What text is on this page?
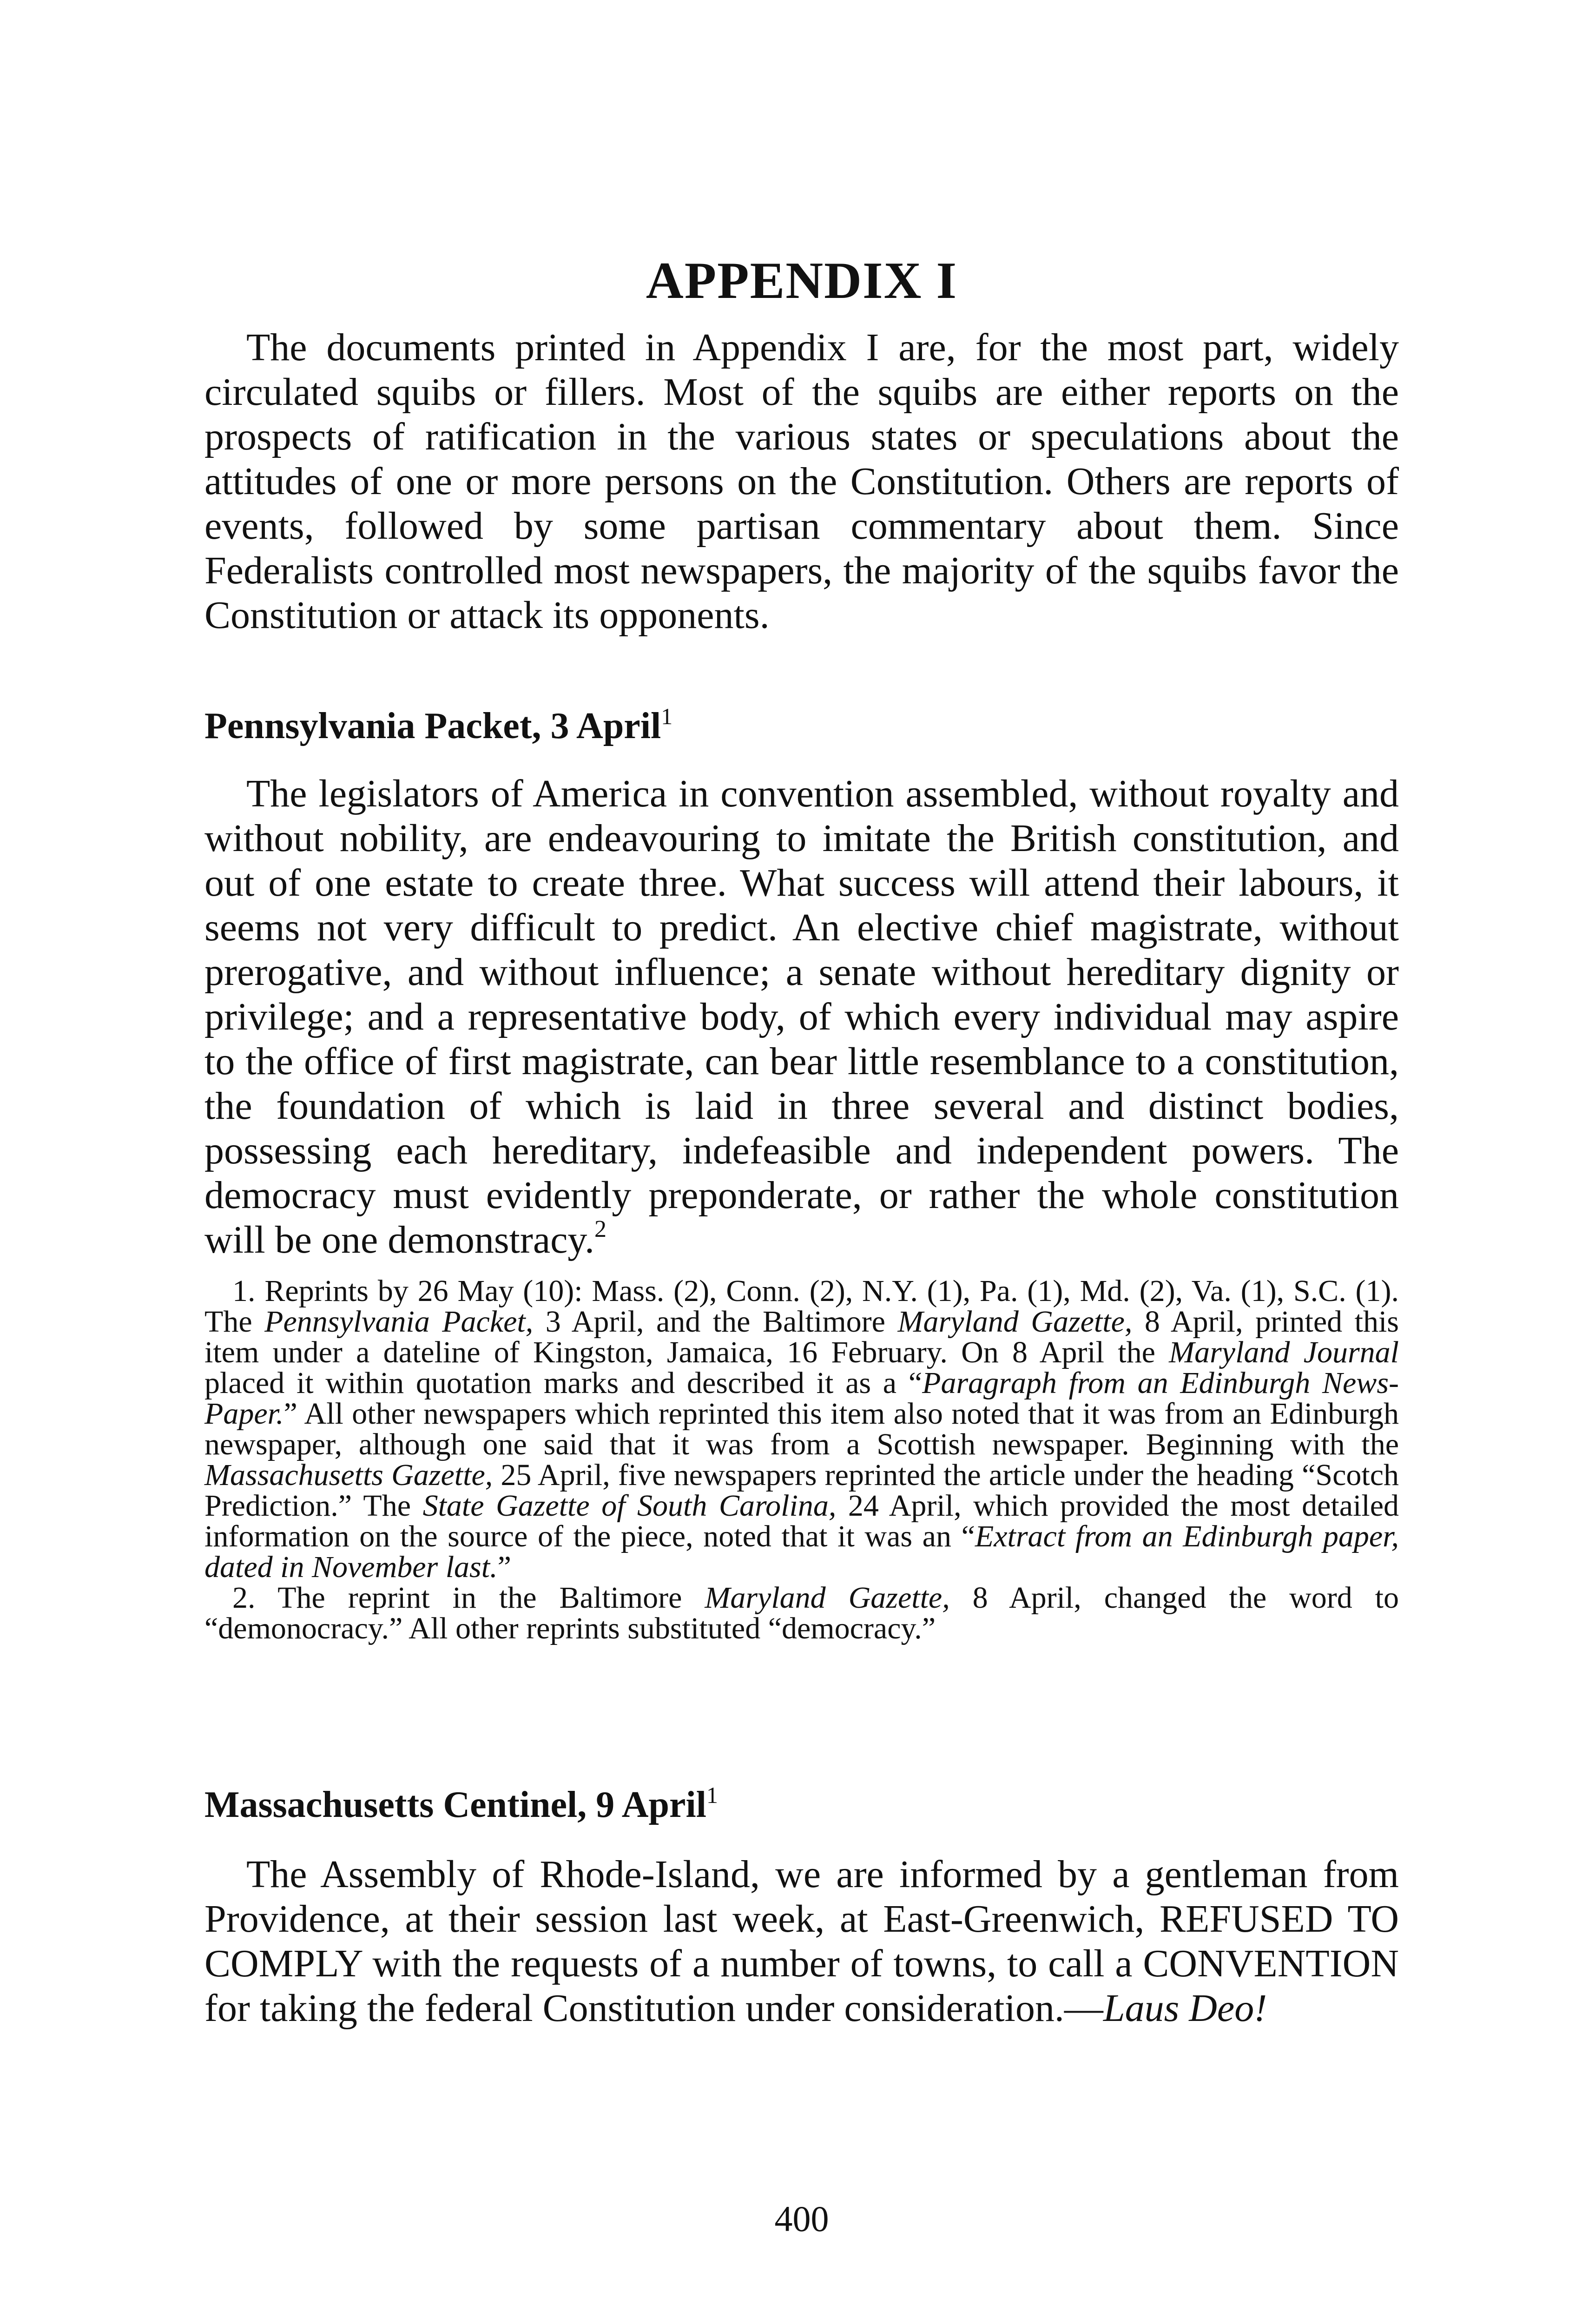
APPENDIX I

The documents printed in Appendix I are, for the most part, widely circulated squibs or fillers. Most of the squibs are either reports on the prospects of ratification in the various states or speculations about the attitudes of one or more persons on the Constitution. Others are reports of events, followed by some partisan commentary about them. Since Federalists controlled most newspapers, the majority of the squibs favor the Constitution or attack its opponents.

Pennsylvania Packet, 3 April$^1$

The legislators of America in convention assembled, without royalty and without nobility, are endeavouring to imitate the British constitution, and out of one estate to create three. What success will attend their labours, it seems not very difficult to predict. An elective chief magistrate, without prerogative, and without influence; a senate without hereditary dignity or privilege; and a representative body, of which every individual may aspire to the office of first magistrate, can bear little resemblance to a constitution, the foundation of which is laid in three several and distinct bodies, possessing each hereditary, indefeasible and independent powers. The democracy must evidently preponderate, or rather the whole constitution will be one demonstracy.$^2$

1. Reprints by 26 May (10): Mass. (2), Conn. (2), N.Y. (1), Pa. (1), Md. (2), Va. (1), S.C. (1). The Pennsylvania Packet, 3 April, and the Baltimore Maryland Gazette, 8 April, printed this item under a dateline of Kingston, Jamaica, 16 February. On 8 April the Maryland Journal placed it within quotation marks and described it as a “Paragraph from an Edinburgh News-Paper.” All other newspapers which reprinted this item also noted that it was from an Edinburgh newspaper, although one said that it was from a Scottish newspaper. Beginning with the Massachusetts Gazette, 25 April, five newspapers reprinted the article under the heading “Scotch Prediction.” The State Gazette of South Carolina, 24 April, which provided the most detailed information on the source of the piece, noted that it was an “Extract from an Edinburgh paper, dated in November last.”

2. The reprint in the Baltimore Maryland Gazette, 8 April, changed the word to “demonocracy.” All other reprints substituted “democracy.”

Massachusetts Centinel, 9 April$^1$

The Assembly of Rhode-Island, we are informed by a gentleman from Providence, at their session last week, at East-Greenwich, REFUSED TO COMPLY with the requests of a number of towns, to call a CONVENTION for taking the federal Constitution under consideration.—Laus Deo!

400
